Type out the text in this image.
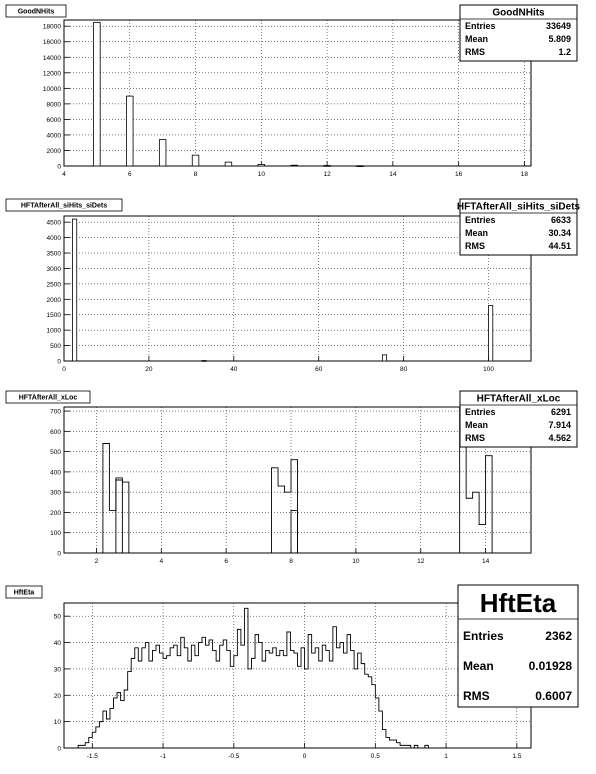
GoodNHits
4	6	8	10	12	14	16	18
0
2000
4000
6000
8000
10000
12000
14000
16000
18000
GoodNHits
Entries	33649
Mean	5.809
RMS	1.2
HFTAfterAll_siHits_siDets
0	20	40	60	80	100
0
500
1000
1500
2000
2500
3000
3500
4000
4500
HFTAfterAll_siHits_siDets
Entries	6633
Mean	30.34
RMS	44.51
HFTAfterAll_xLoc
2	4	6	8	10	12	14
0
100
200
300
400
500
600
700
HFTAfterAll_xLoc
Entries	6291
Mean	7.914
RMS	4.562
HftEta
-1.5	-1	-0.5	0	0.5	1	1.5
0
10
20
30
40
50	HftEta
Entries	2362
Mean	0.01928
RMS	0.6007
